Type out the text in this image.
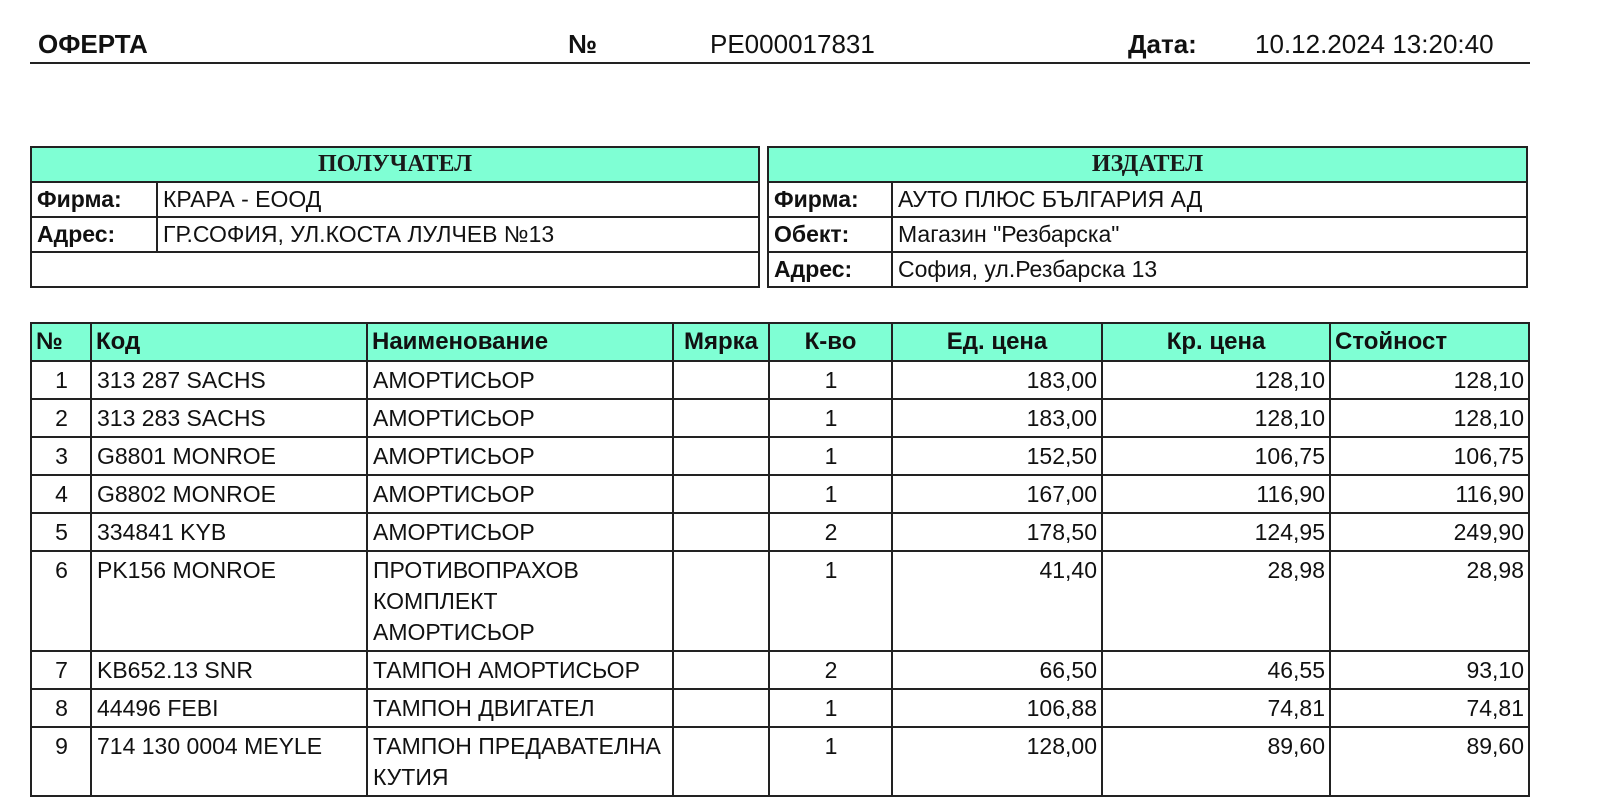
ОФЕРТА	№	PE000017831	Дата: 10.12.2024 13:20:40
ПОЛУЧАТЕЛ	
Фирма:	КРАРА - ЕООД
Адрес:	ГР.СОФИЯ, УЛ.КОСТА ЛУЛЧЕВ №13

ИЗДАТЕЛ	
Фирма:	АУТО ПЛЮС БЪЛГАРИЯ АД
Обект:	Магазин "Резбарска"
Адрес:	София, ул.Резбарска 13
№	Код	Наименование	Мярка	К-во	Ед. цена	Кр. цена	Стойност
1	313 287 SACHS	АМОРТИСЬОР		1	183,00	128,10	128,10
2	313 283 SACHS	АМОРТИСЬОР		1	183,00	128,10	128,10
3	G8801 MONROE	АМОРТИСЬОР		1	152,50	106,75	106,75
4	G8802 MONROE	АМОРТИСЬОР		1	167,00	116,90	116,90
5	334841 KYB	АМОРТИСЬОР		2	178,50	124,95	249,90
6	PK156 MONROE	ПРОТИВОПРАХОВ
КОМПЛЕКТ
АМОРТИСЬОР		1	41,40	28,98	28,98
7	KB652.13 SNR	ТАМПОН АМОРТИСЬОР		2	66,50	46,55	93,10
8	44496 FEBI	ТАМПОН ДВИГАТЕЛ		1	106,88	74,81	74,81
9	714 130 0004 MEYLE	ТАМПОН ПРЕДАВАТЕЛНА
КУТИЯ		1	128,00	89,60	89,60
